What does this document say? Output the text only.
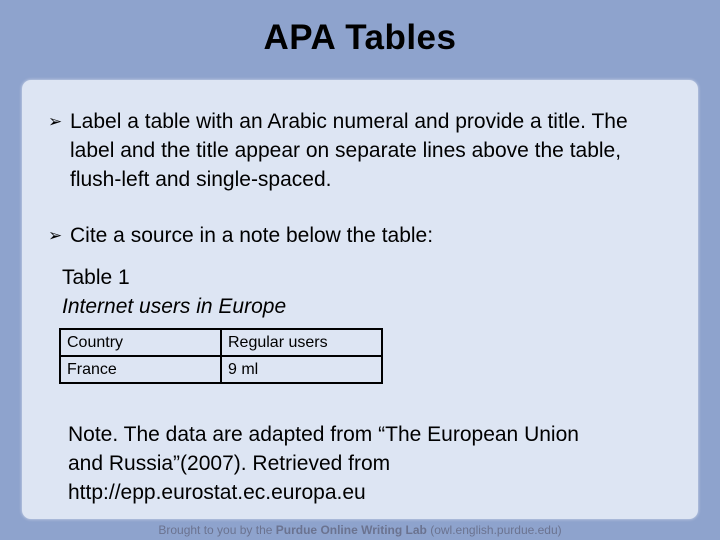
APA Tables
➢ Label a table with an Arabic numeral and provide a title. The label and the title appear on separate lines above the table, flush-left and single-spaced.
➢ Cite a source in a note below the table:
Table 1
Internet users in Europe
Country	Regular users
France	9 ml
Note. The data are adapted from “The European Union
and Russia”(2007). Retrieved from
http://epp.eurostat.ec.europa.eu
Brought to you by the Purdue Online Writing Lab (owl.english.purdue.edu)
